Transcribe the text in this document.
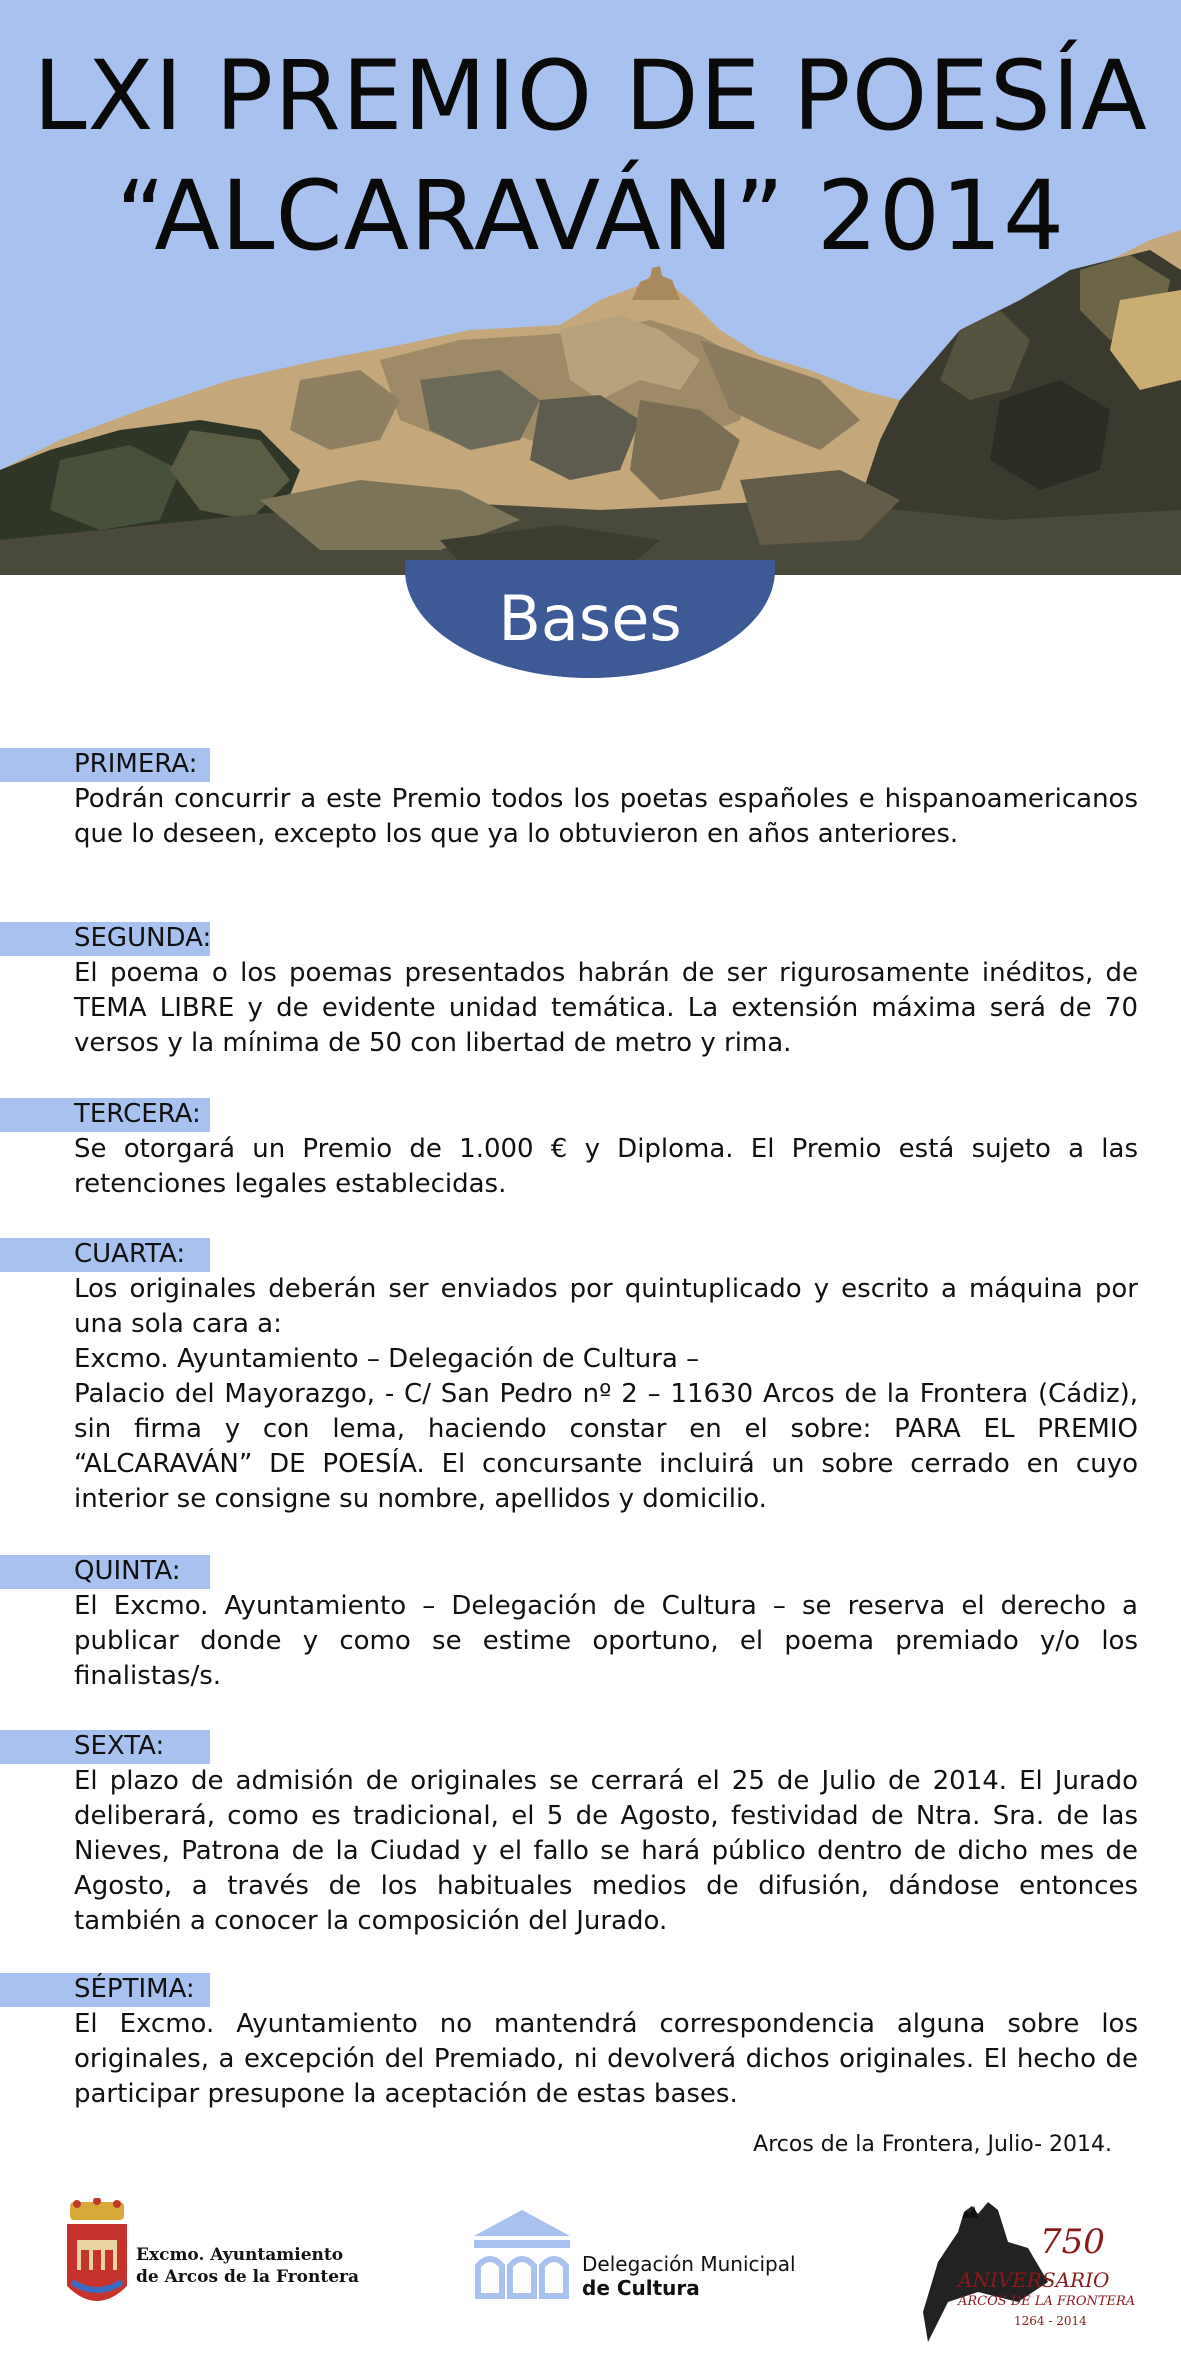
LXI PREMIO DE POESÍA
“ALCARAVÁN” 2014
Bases
PRIMERA:

Podrán concurrir a este Premio todos los poetas españoles e hispanoamericanos que lo deseen, excepto los que ya lo obtuvieron en años anteriores.

SEGUNDA:

El poema o los poemas presentados habrán de ser rigurosamente inéditos, de TEMA LIBRE y de evidente unidad temática. La extensión máxima será de 70 versos y la mínima de 50 con libertad de metro y rima.

TERCERA:

Se otorgará un Premio de 1.000 € y Diploma. El Premio está sujeto a las retenciones legales establecidas.

CUARTA:

Los originales deberán ser enviados por quintuplicado y escrito a máquina por una sola cara a:

Excmo. Ayuntamiento – Delegación de Cultura –

Palacio del Mayorazgo, - C/ San Pedro nº 2 – 11630 Arcos de la Frontera (Cádiz), sin firma y con lema, haciendo constar en el sobre: PARA EL PREMIO “ALCARAVÁN” DE POESÍA. El concursante incluirá un sobre cerrado en cuyo interior se consigne su nombre, apellidos y domicilio.

QUINTA:

El Excmo. Ayuntamiento – Delegación de Cultura – se reserva el derecho a publicar donde y como se estime oportuno, el poema premiado y/o los finalistas/s.

SEXTA:

El plazo de admisión de originales se cerrará el 25 de Julio de 2014. El Jurado deliberará, como es tradicional, el 5 de Agosto, festividad de Ntra. Sra. de las Nieves, Patrona de la Ciudad y el fallo se hará público dentro de dicho mes de Agosto, a través de los habituales medios de difusión, dándose entonces también a conocer la composición del Jurado.

SÉPTIMA:

El Excmo. Ayuntamiento no mantendrá correspondencia alguna sobre los originales, a excepción del Premiado, ni devolverá dichos originales. El hecho de participar presupone la aceptación de estas bases.

Arcos de la Frontera, Julio- 2014.
Excmo. Ayuntamiento
de Arcos de la Frontera
Delegación Municipal
de Cultura
750
ANIVERSARIO
ARCOS DE LA FRONTERA
1264 - 2014
